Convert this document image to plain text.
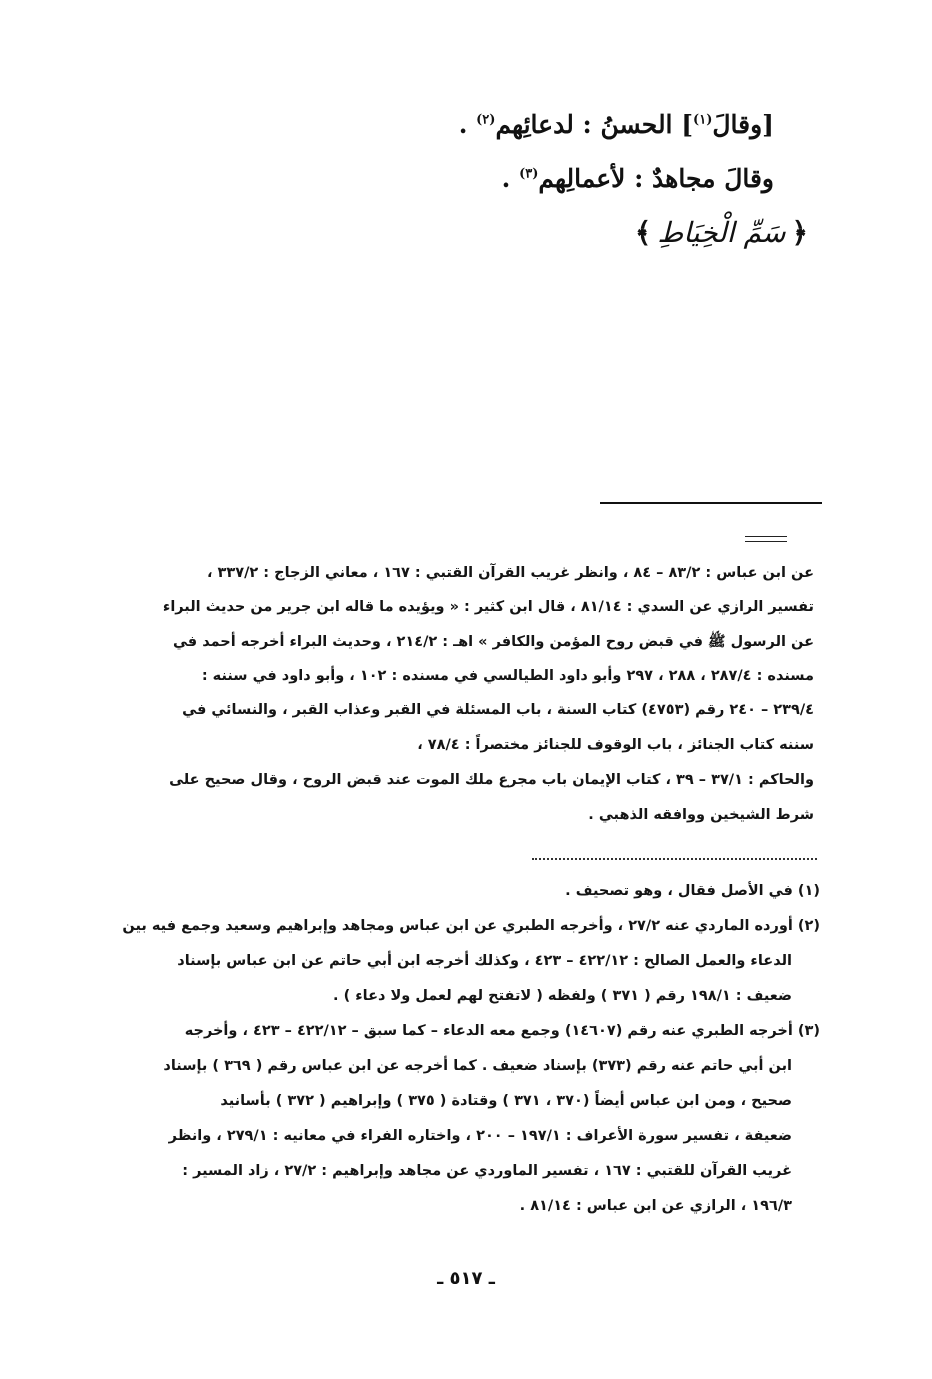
[وقالَ$^{(١)}$] الحسنُ : لدعائِهم$^{(٢)}$ .
وقالَ مجاهدٌ : لأعمالِهم$^{(٣)}$ .
﴿سَمِّ الْخِيَاطِ﴾
عن ابن عباس : ٨٣/٢ – ٨٤ ، وانظر غريب القرآن القتبي : ١٦٧ ، معاني الزجاج : ٣٣٧/٢ ،
تفسير الرازي عن السدي : ٨١/١٤ ، قال ابن كثير : « ويؤيده ما قاله ابن جرير من حديث البراء
عن الرسول ﷺ في قبض روح المؤمن والكافر » اهـ : ٢١٤/٢ ، وحديث البراء أخرجه أحمد في
مسنده : ٢٨٧/٤ ، ٢٨٨ ، ٢٩٧ وأبو داود الطيالسي في مسنده : ١٠٢ ، وأبو داود في سننه :
٢٣٩/٤ – ٢٤٠ رقم (٤٧٥٣) كتاب السنة ، باب المسئلة في القبر وعذاب القبر ، والنسائي في
سننه كتاب الجنائز ، باب الوقوف للجنائز مختصراً : ٧٨/٤ ،
والحاكم : ٣٧/١ – ٣٩ ، كتاب الإيمان باب مجرع ملك الموت عند قبض الروح ، وقال صحيح على
شرط الشيخين ووافقه الذهبي .
(١) في الأصل فقال ، وهو تصحيف .
(٢) أورده الماردي عنه ٢٧/٢ ، وأخرجه الطبري عن ابن عباس ومجاهد وإبراهيم وسعيد وجمع فيه بين
الدعاء والعمل الصالح : ٤٢٢/١٢ – ٤٢٣ ، وكذلك أخرجه ابن أبي حاتم عن ابن عباس بإسناد
ضعيف : ١٩٨/١ رقم ( ٣٧١ ) ولفظه ( لاتفتح لهم لعمل ولا دعاء ) .
(٣) أخرجه الطبري عنه رقم (١٤٦٠٧) وجمع معه الدعاء – كما سبق – ٤٢٢/١٢ – ٤٢٣ ، وأخرجه
ابن أبي حاتم عنه رقم (٣٧٣) بإسناد ضعيف . كما أخرجه عن ابن عباس رقم ( ٣٦٩ ) بإسناد
صحيح ، ومن ابن عباس أيضاً (٣٧٠ ، ٣٧١ ) وقتادة ( ٣٧٥ ) وإبراهيم ( ٣٧٢ ) بأسانيد
ضعيفة ، تفسير سورة الأعراف : ١٩٧/١ – ٢٠٠ ، واختاره الفراء في معانيه : ٢٧٩/١ ، وانظر
غريب القرآن للقتبي : ١٦٧ ، تفسير الماوردي عن مجاهد وإبراهيم : ٢٧/٢ ، زاد المسير :
١٩٦/٣ ، الرازي عن ابن عباس : ٨١/١٤ .
ـ ٥١٧ ـ
